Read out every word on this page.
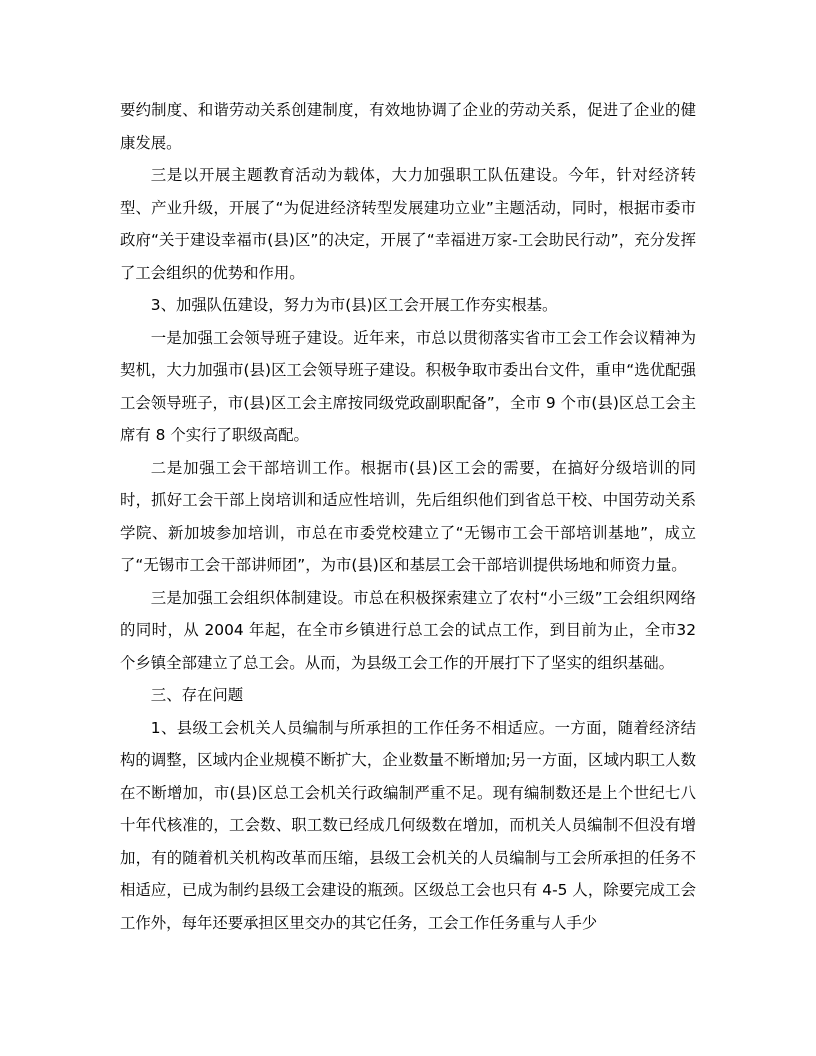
要约制度、和谐劳动关系创建制度，有效地协调了企业的劳动关系，促进了企业的健康发展。

三是以开展主题教育活动为载体，大力加强职工队伍建设。今年，针对经济转型、产业升级，开展了“为促进经济转型发展建功立业”主题活动，同时，根据市委市政府“关于建设幸福市(县)区”的决定，开展了“幸福进万家-工会助民行动”，充分发挥了工会组织的优势和作用。

3、加强队伍建设，努力为市(县)区工会开展工作夯实根基。

一是加强工会领导班子建设。近年来，市总以贯彻落实省市工会工作会议精神为契机，大力加强市(县)区工会领导班子建设。积极争取市委出台文件，重申“选优配强工会领导班子，市(县)区工会主席按同级党政副职配备”，全市 9 个市(县)区总工会主席有 8 个实行了职级高配。

二是加强工会干部培训工作。根据市(县)区工会的需要，在搞好分级培训的同时，抓好工会干部上岗培训和适应性培训，先后组织他们到省总干校、中国劳动关系学院、新加坡参加培训，市总在市委党校建立了“无锡市工会干部培训基地”，成立了“无锡市工会干部讲师团”，为市(县)区和基层工会干部培训提供场地和师资力量。

三是加强工会组织体制建设。市总在积极探索建立了农村“小三级”工会组织网络的同时，从 2004 年起，在全市乡镇进行总工会的试点工作，到目前为止，全市32 个乡镇全部建立了总工会。从而，为县级工会工作的开展打下了坚实的组织基础。

三、存在问题

1、县级工会机关人员编制与所承担的工作任务不相适应。一方面，随着经济结构的调整，区域内企业规模不断扩大，企业数量不断增加;另一方面，区域内职工人数在不断增加，市(县)区总工会机关行政编制严重不足。现有编制数还是上个世纪七八十年代核准的，工会数、职工数已经成几何级数在增加，而机关人员编制不但没有增加，有的随着机关机构改革而压缩，县级工会机关的人员编制与工会所承担的任务不相适应，已成为制约县级工会建设的瓶颈。区级总工会也只有 4-5 人，除要完成工会工作外，每年还要承担区里交办的其它任务，工会工作任务重与人手少
